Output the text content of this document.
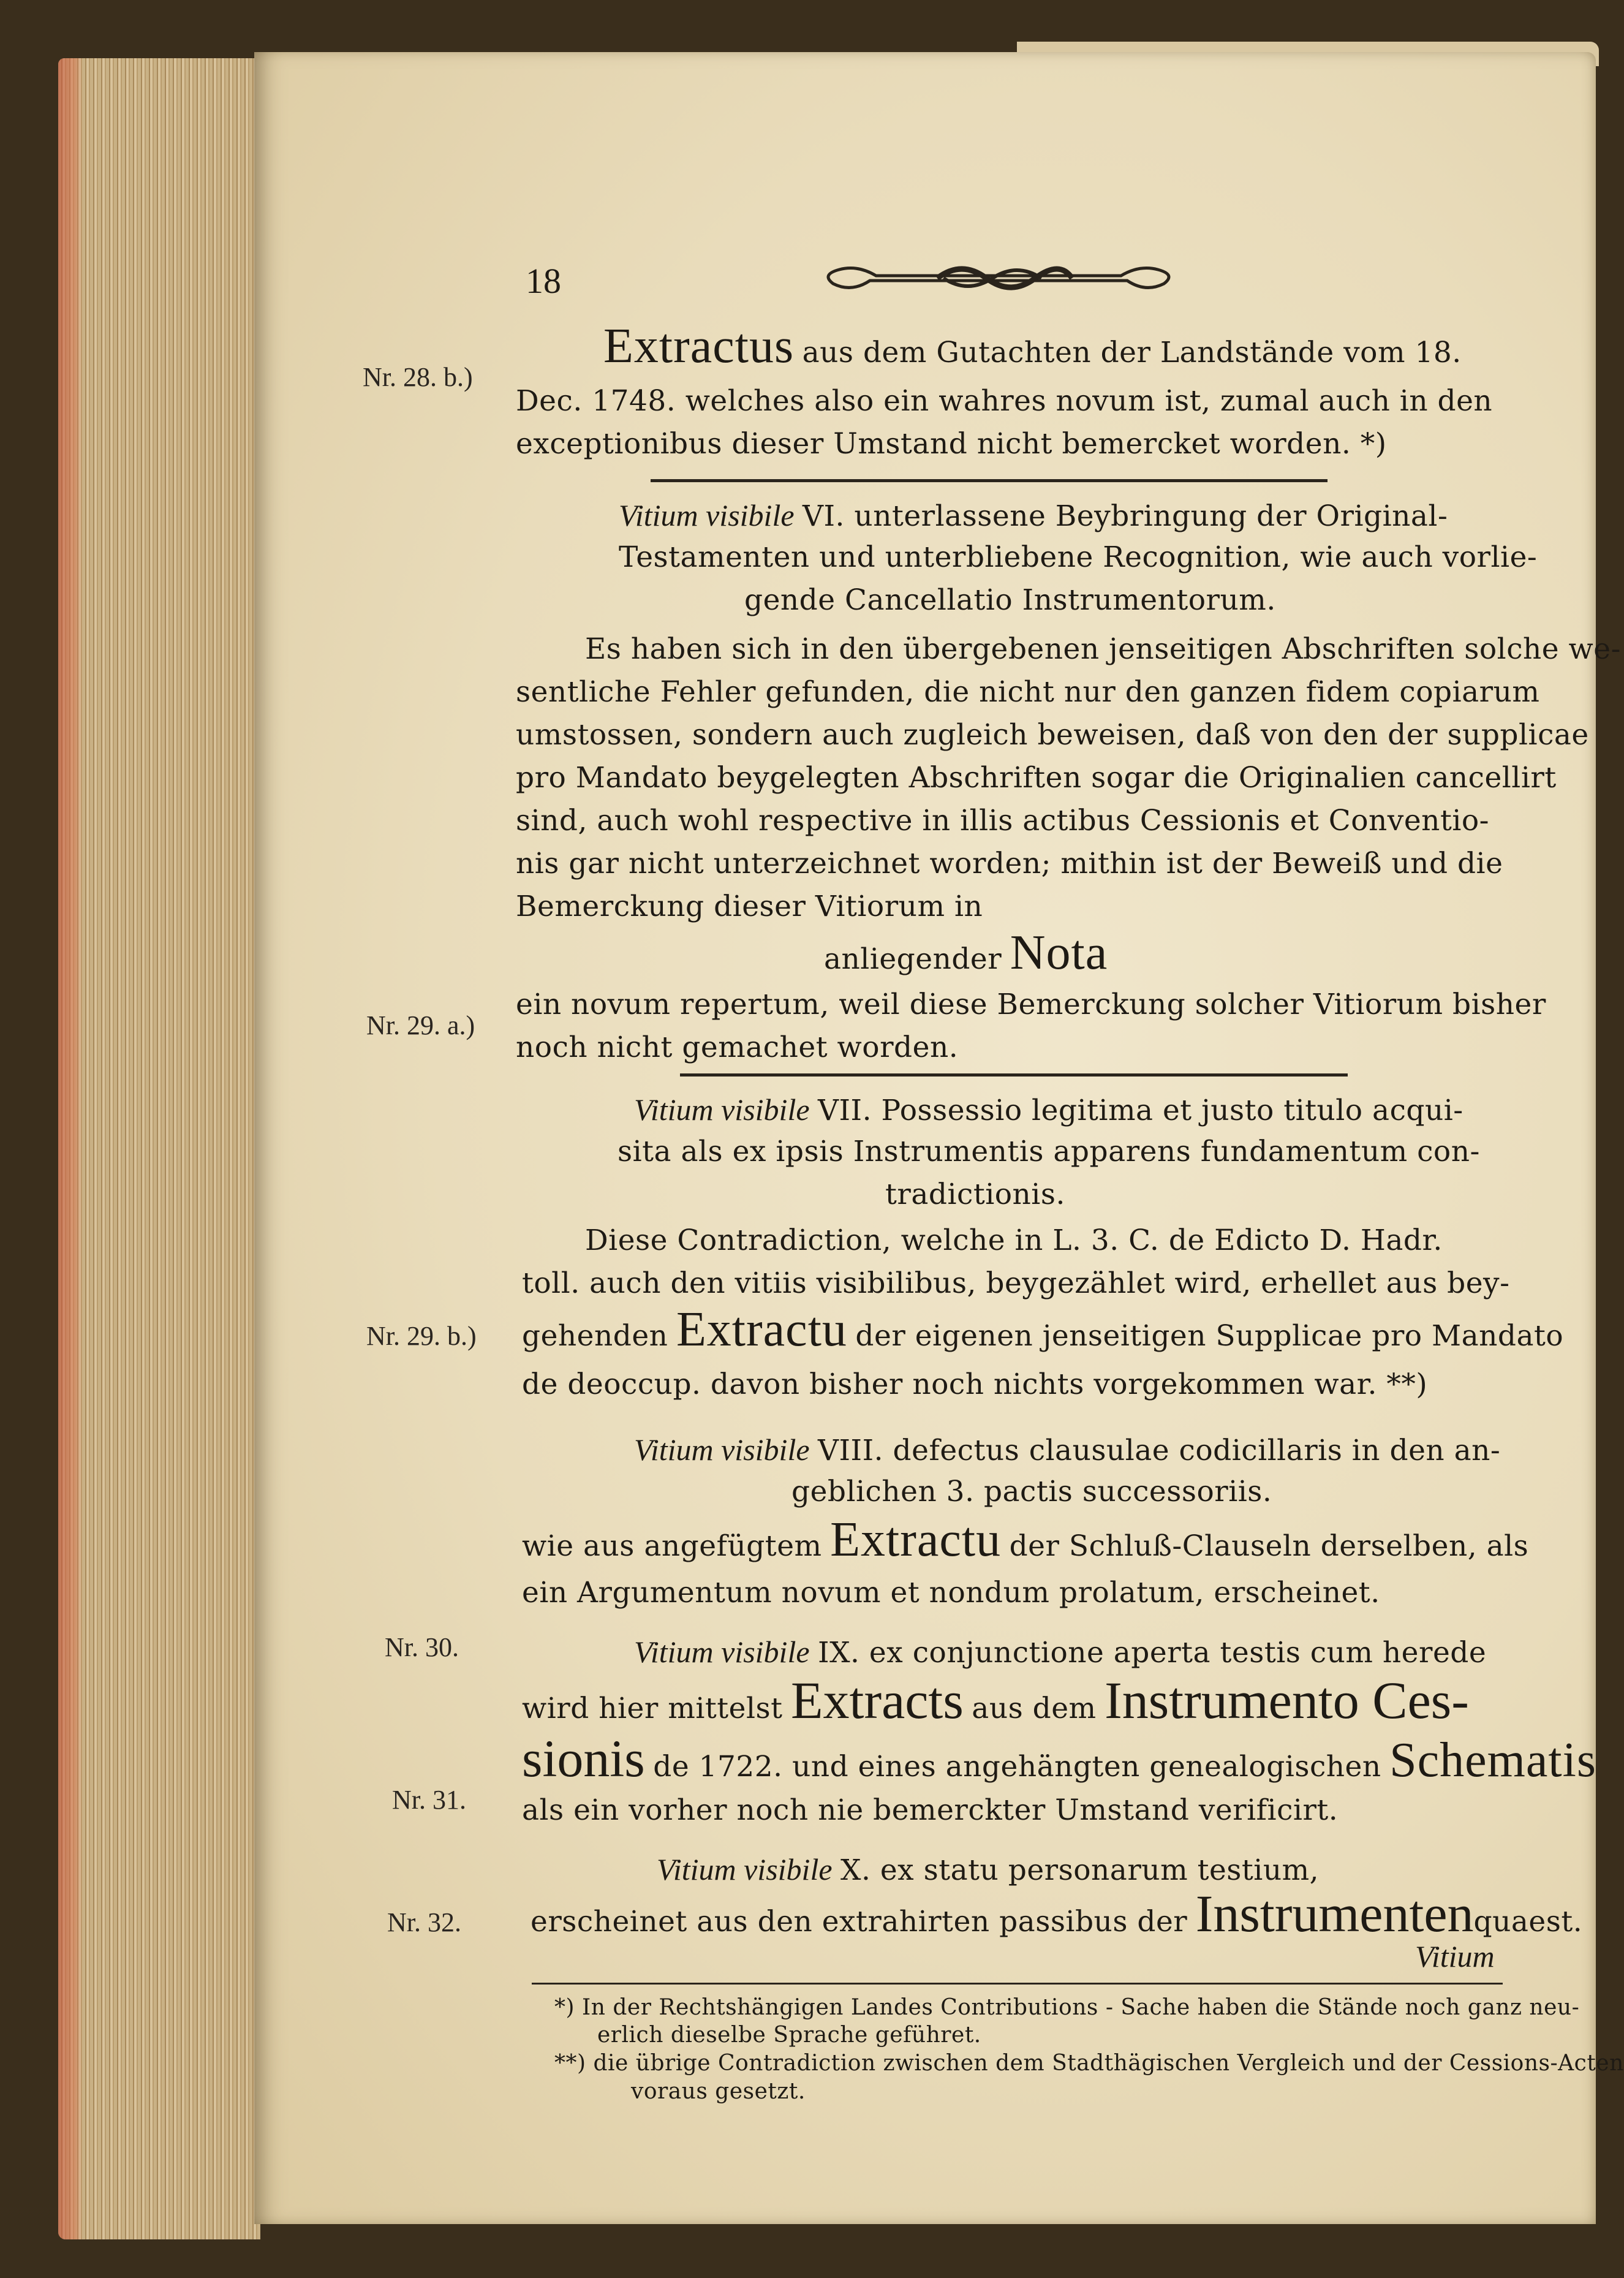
18
Nr. 28. b.)
Nr. 29. a.)
Nr. 29. b.)
Nr. 30.
Nr. 31.
Nr. 32.
Extractus aus dem Gutachten der Landstände vom 18.
Dec. 1748. welches also ein wahres novum ist, zumal auch in den
exceptionibus dieser Umstand nicht bemercket worden. *)
Vitium visibile VI. unterlassene Beybringung der Original-
Testamenten und unterbliebene Recognition, wie auch vorlie-
gende Cancellatio Instrumentorum.
Es haben sich in den übergebenen jenseitigen Abschriften solche we-
sentliche Fehler gefunden, die nicht nur den ganzen fidem copiarum
umstossen, sondern auch zugleich beweisen, daß von den der supplicae
pro Mandato beygelegten Abschriften sogar die Originalien cancellirt
sind, auch wohl respective in illis actibus Cessionis et Conventio-
nis gar nicht unterzeichnet worden; mithin ist der Beweiß und die
Bemerckung dieser Vitiorum in
anliegender Nota
ein novum repertum, weil diese Bemerckung solcher Vitiorum bisher
noch nicht gemachet worden.
Vitium visibile VII. Possessio legitima et justo titulo acqui-
sita als ex ipsis Instrumentis apparens fundamentum con-
tradictionis.
Diese Contradiction, welche in L. 3. C. de Edicto D. Hadr.
toll. auch den vitiis visibilibus, beygezählet wird, erhellet aus bey-
gehenden Extractu der eigenen jenseitigen Supplicae pro Mandato
de deoccup. davon bisher noch nichts vorgekommen war. **)
Vitium visibile VIII. defectus clausulae codicillaris in den an-
geblichen 3. pactis successoriis.
wie aus angefügtem Extractu der Schluß-Clauseln derselben, als
ein Argumentum novum et nondum prolatum, erscheinet.
Vitium visibile IX. ex conjunctione aperta testis cum herede
wird hier mittelst Extracts aus dem Instrumento Ces-
sionis de 1722. und eines angehängten genealogischen Schematis
als ein vorher noch nie bemerckter Umstand verificirt.
Vitium visibile X. ex statu personarum testium,
erscheinet aus den extrahirten passibus der Instrumentenquaest.
Vitium
*) In der Rechtshängigen Landes Contributions - Sache haben die Stände noch ganz neu-
erlich dieselbe Sprache geführet.
**) die übrige Contradiction zwischen dem Stadthägischen Vergleich und der Cessions-Acten
voraus gesetzt.
